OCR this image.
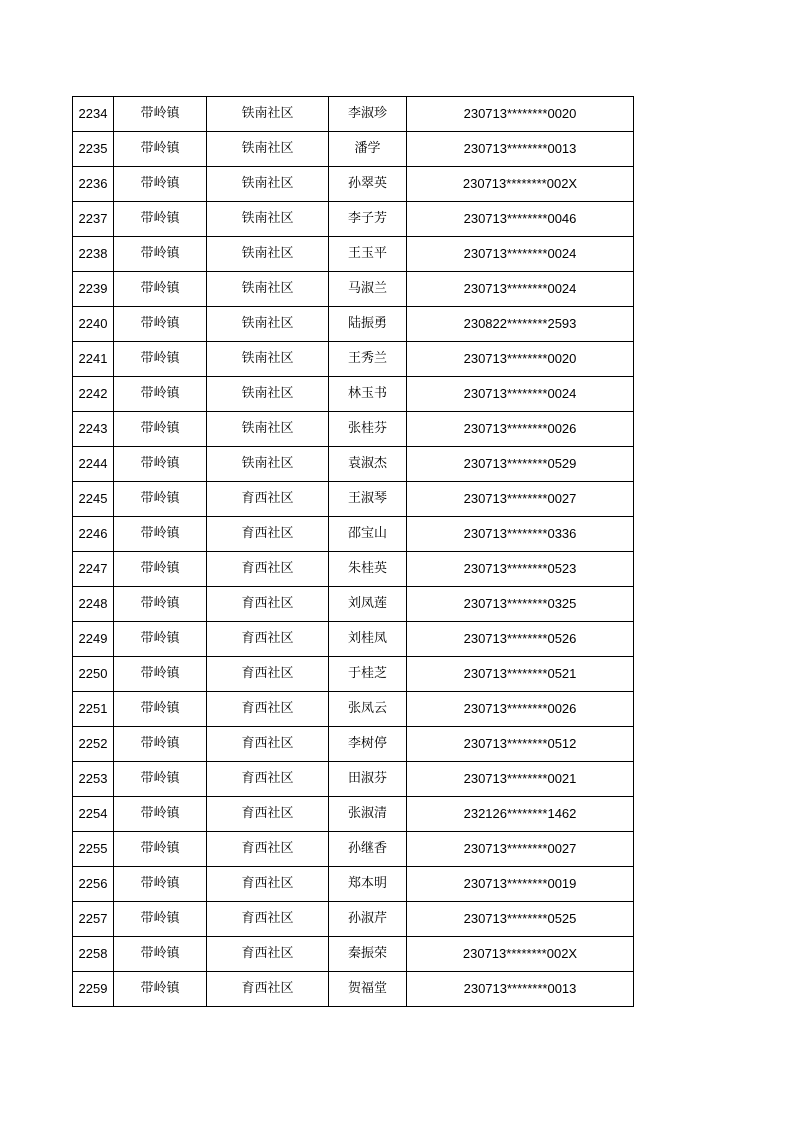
2234	带岭镇	铁南社区	李淑珍	230713********0020
2235	带岭镇	铁南社区	潘学	230713********0013
2236	带岭镇	铁南社区	孙翠英	230713********002X
2237	带岭镇	铁南社区	李子芳	230713********0046
2238	带岭镇	铁南社区	王玉平	230713********0024
2239	带岭镇	铁南社区	马淑兰	230713********0024
2240	带岭镇	铁南社区	陆振勇	230822********2593
2241	带岭镇	铁南社区	王秀兰	230713********0020
2242	带岭镇	铁南社区	林玉书	230713********0024
2243	带岭镇	铁南社区	张桂芬	230713********0026
2244	带岭镇	铁南社区	袁淑杰	230713********0529
2245	带岭镇	育西社区	王淑琴	230713********0027
2246	带岭镇	育西社区	邵宝山	230713********0336
2247	带岭镇	育西社区	朱桂英	230713********0523
2248	带岭镇	育西社区	刘凤莲	230713********0325
2249	带岭镇	育西社区	刘桂凤	230713********0526
2250	带岭镇	育西社区	于桂芝	230713********0521
2251	带岭镇	育西社区	张凤云	230713********0026
2252	带岭镇	育西社区	李树停	230713********0512
2253	带岭镇	育西社区	田淑芬	230713********0021
2254	带岭镇	育西社区	张淑清	232126********1462
2255	带岭镇	育西社区	孙继香	230713********0027
2256	带岭镇	育西社区	郑本明	230713********0019
2257	带岭镇	育西社区	孙淑芹	230713********0525
2258	带岭镇	育西社区	秦振荣	230713********002X
2259	带岭镇	育西社区	贺福堂	230713********0013
